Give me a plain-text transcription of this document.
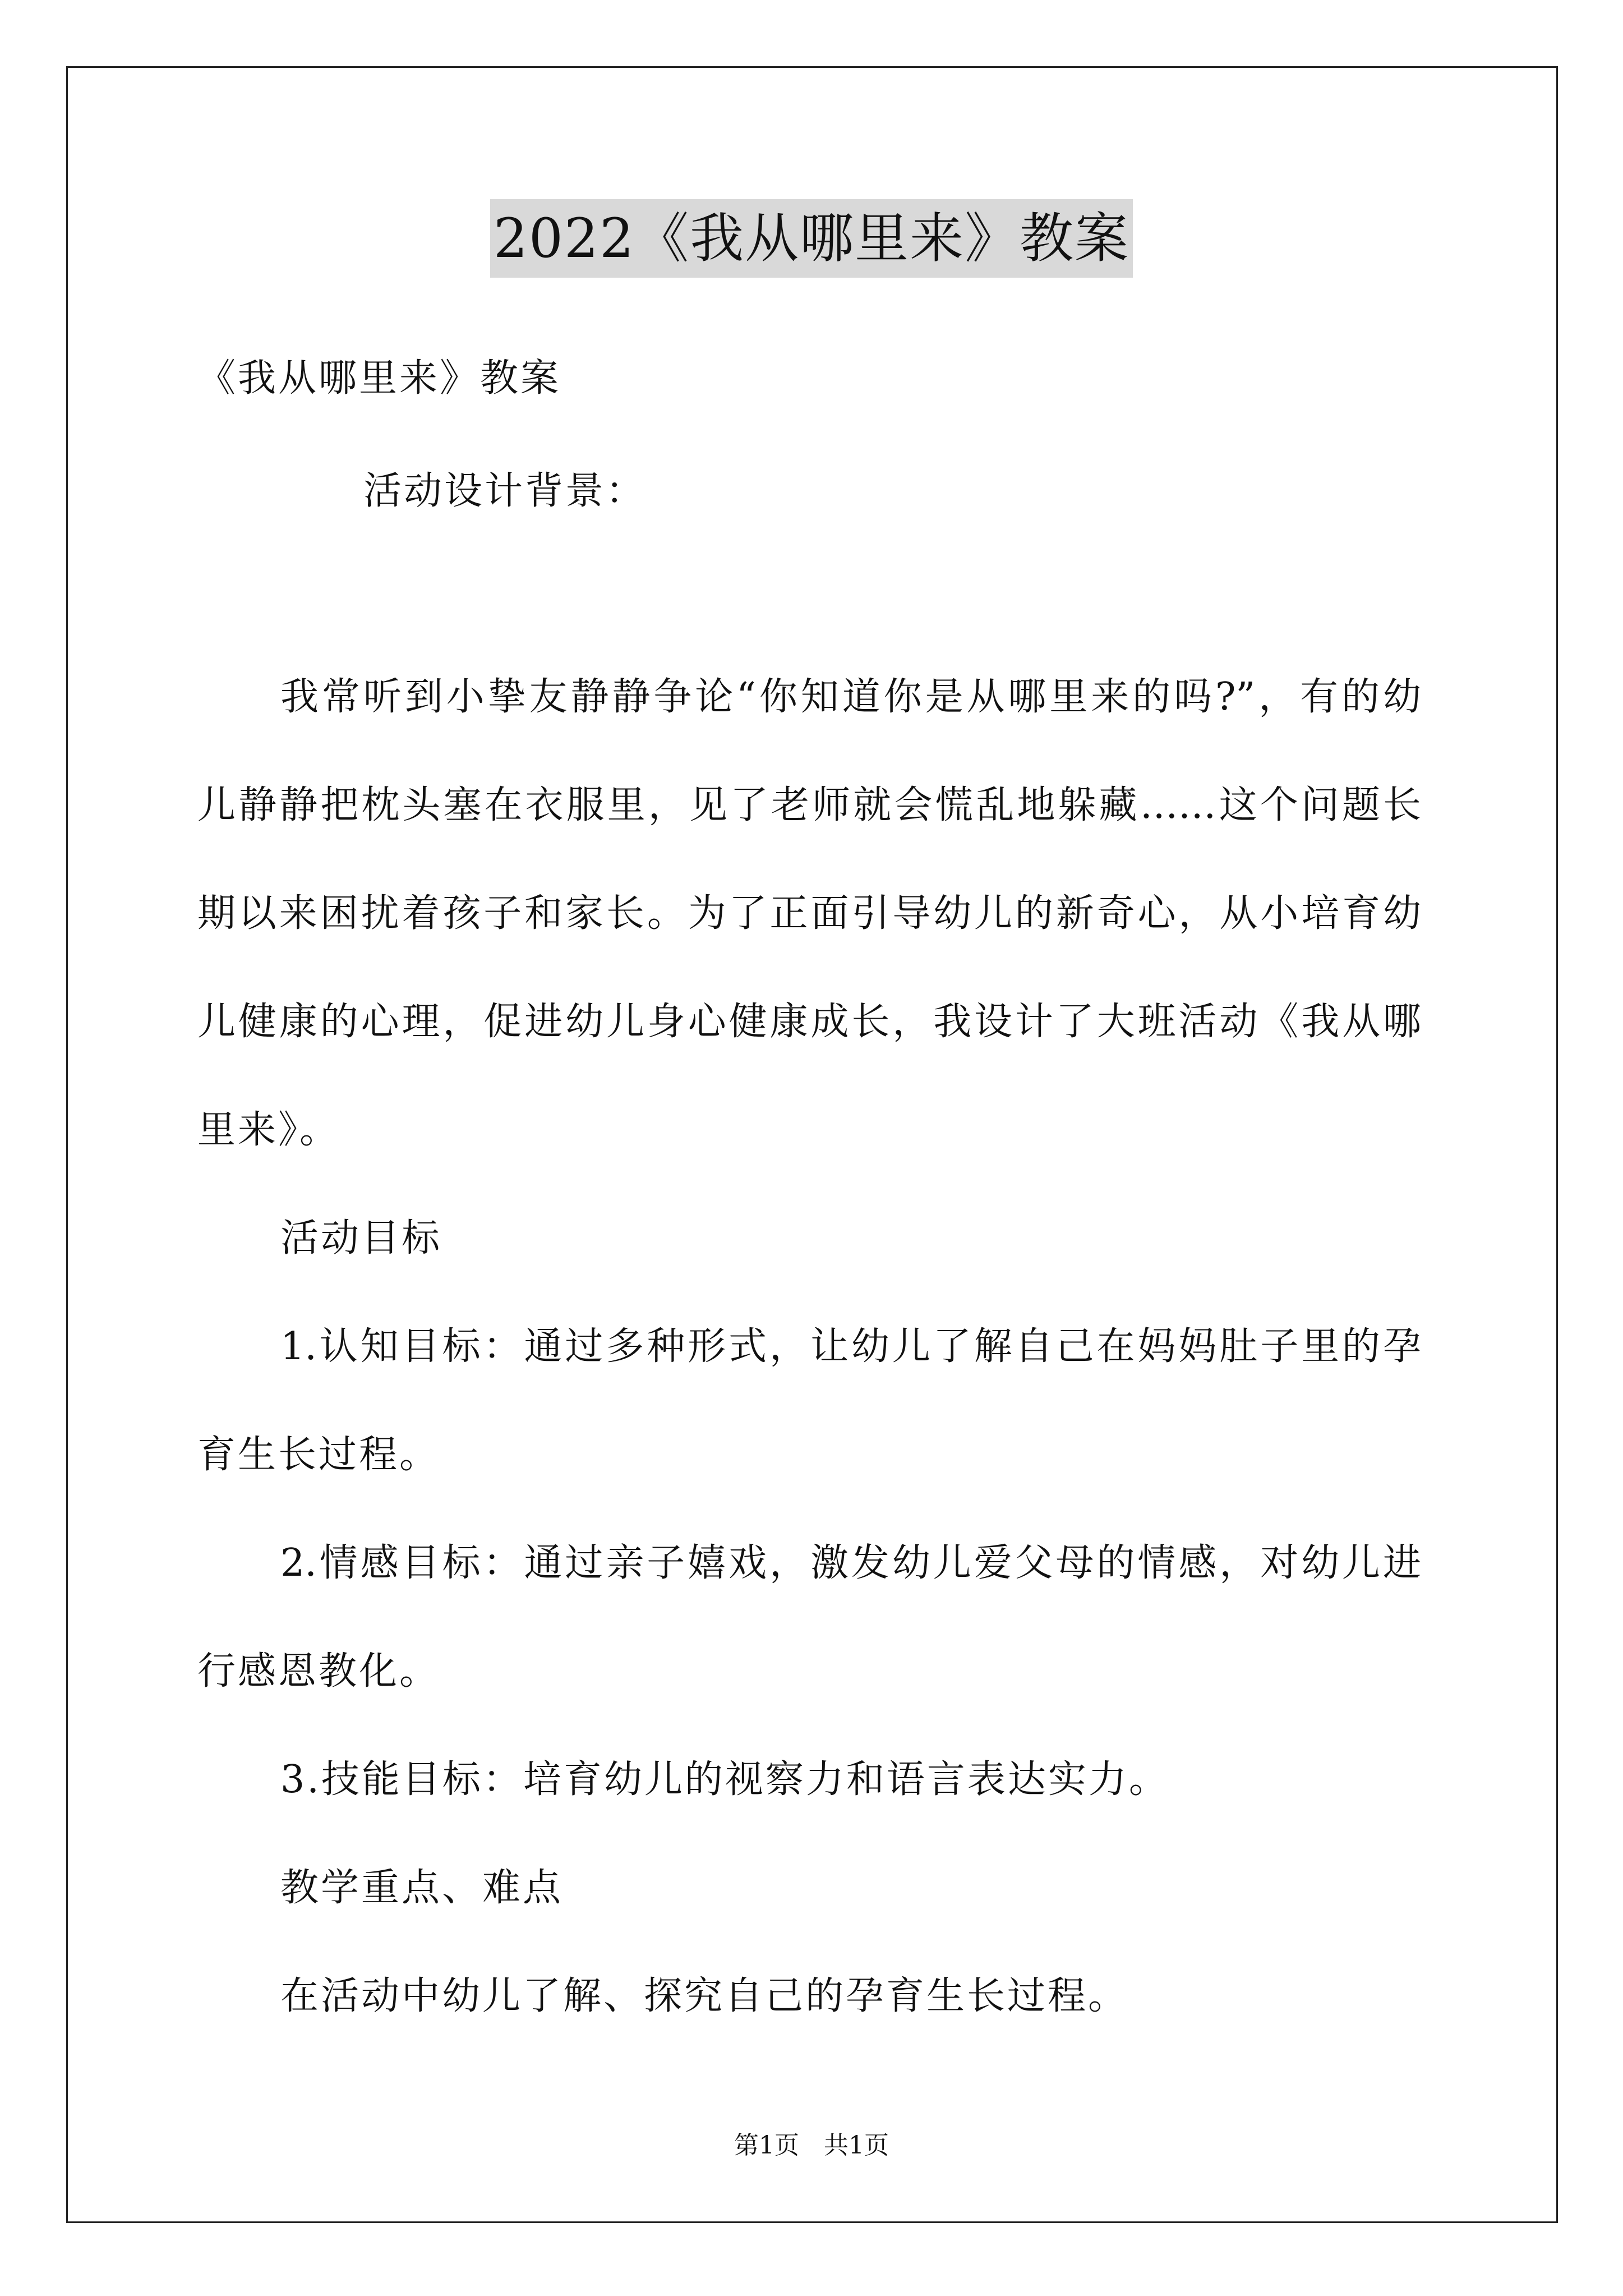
2022《我从哪里来》教案
《我从哪里来》教案
活动设计背景：
我常听到小挚友静静争论“你知道你是从哪里来的吗?”，有的幼
儿静静把枕头塞在衣服里，见了老师就会慌乱地躲藏……这个问题长
期以来困扰着孩子和家长。为了正面引导幼儿的新奇心，从小培育幼
儿健康的心理，促进幼儿身心健康成长，我设计了大班活动《我从哪
里来》。
活动目标
1.认知目标：通过多种形式，让幼儿了解自己在妈妈肚子里的孕
育生长过程。
2.情感目标：通过亲子嬉戏，激发幼儿爱父母的情感，对幼儿进
行感恩教化。
3.技能目标：培育幼儿的视察力和语言表达实力。
教学重点、难点
在活动中幼儿了解、探究自己的孕育生长过程。
第1页　共1页
